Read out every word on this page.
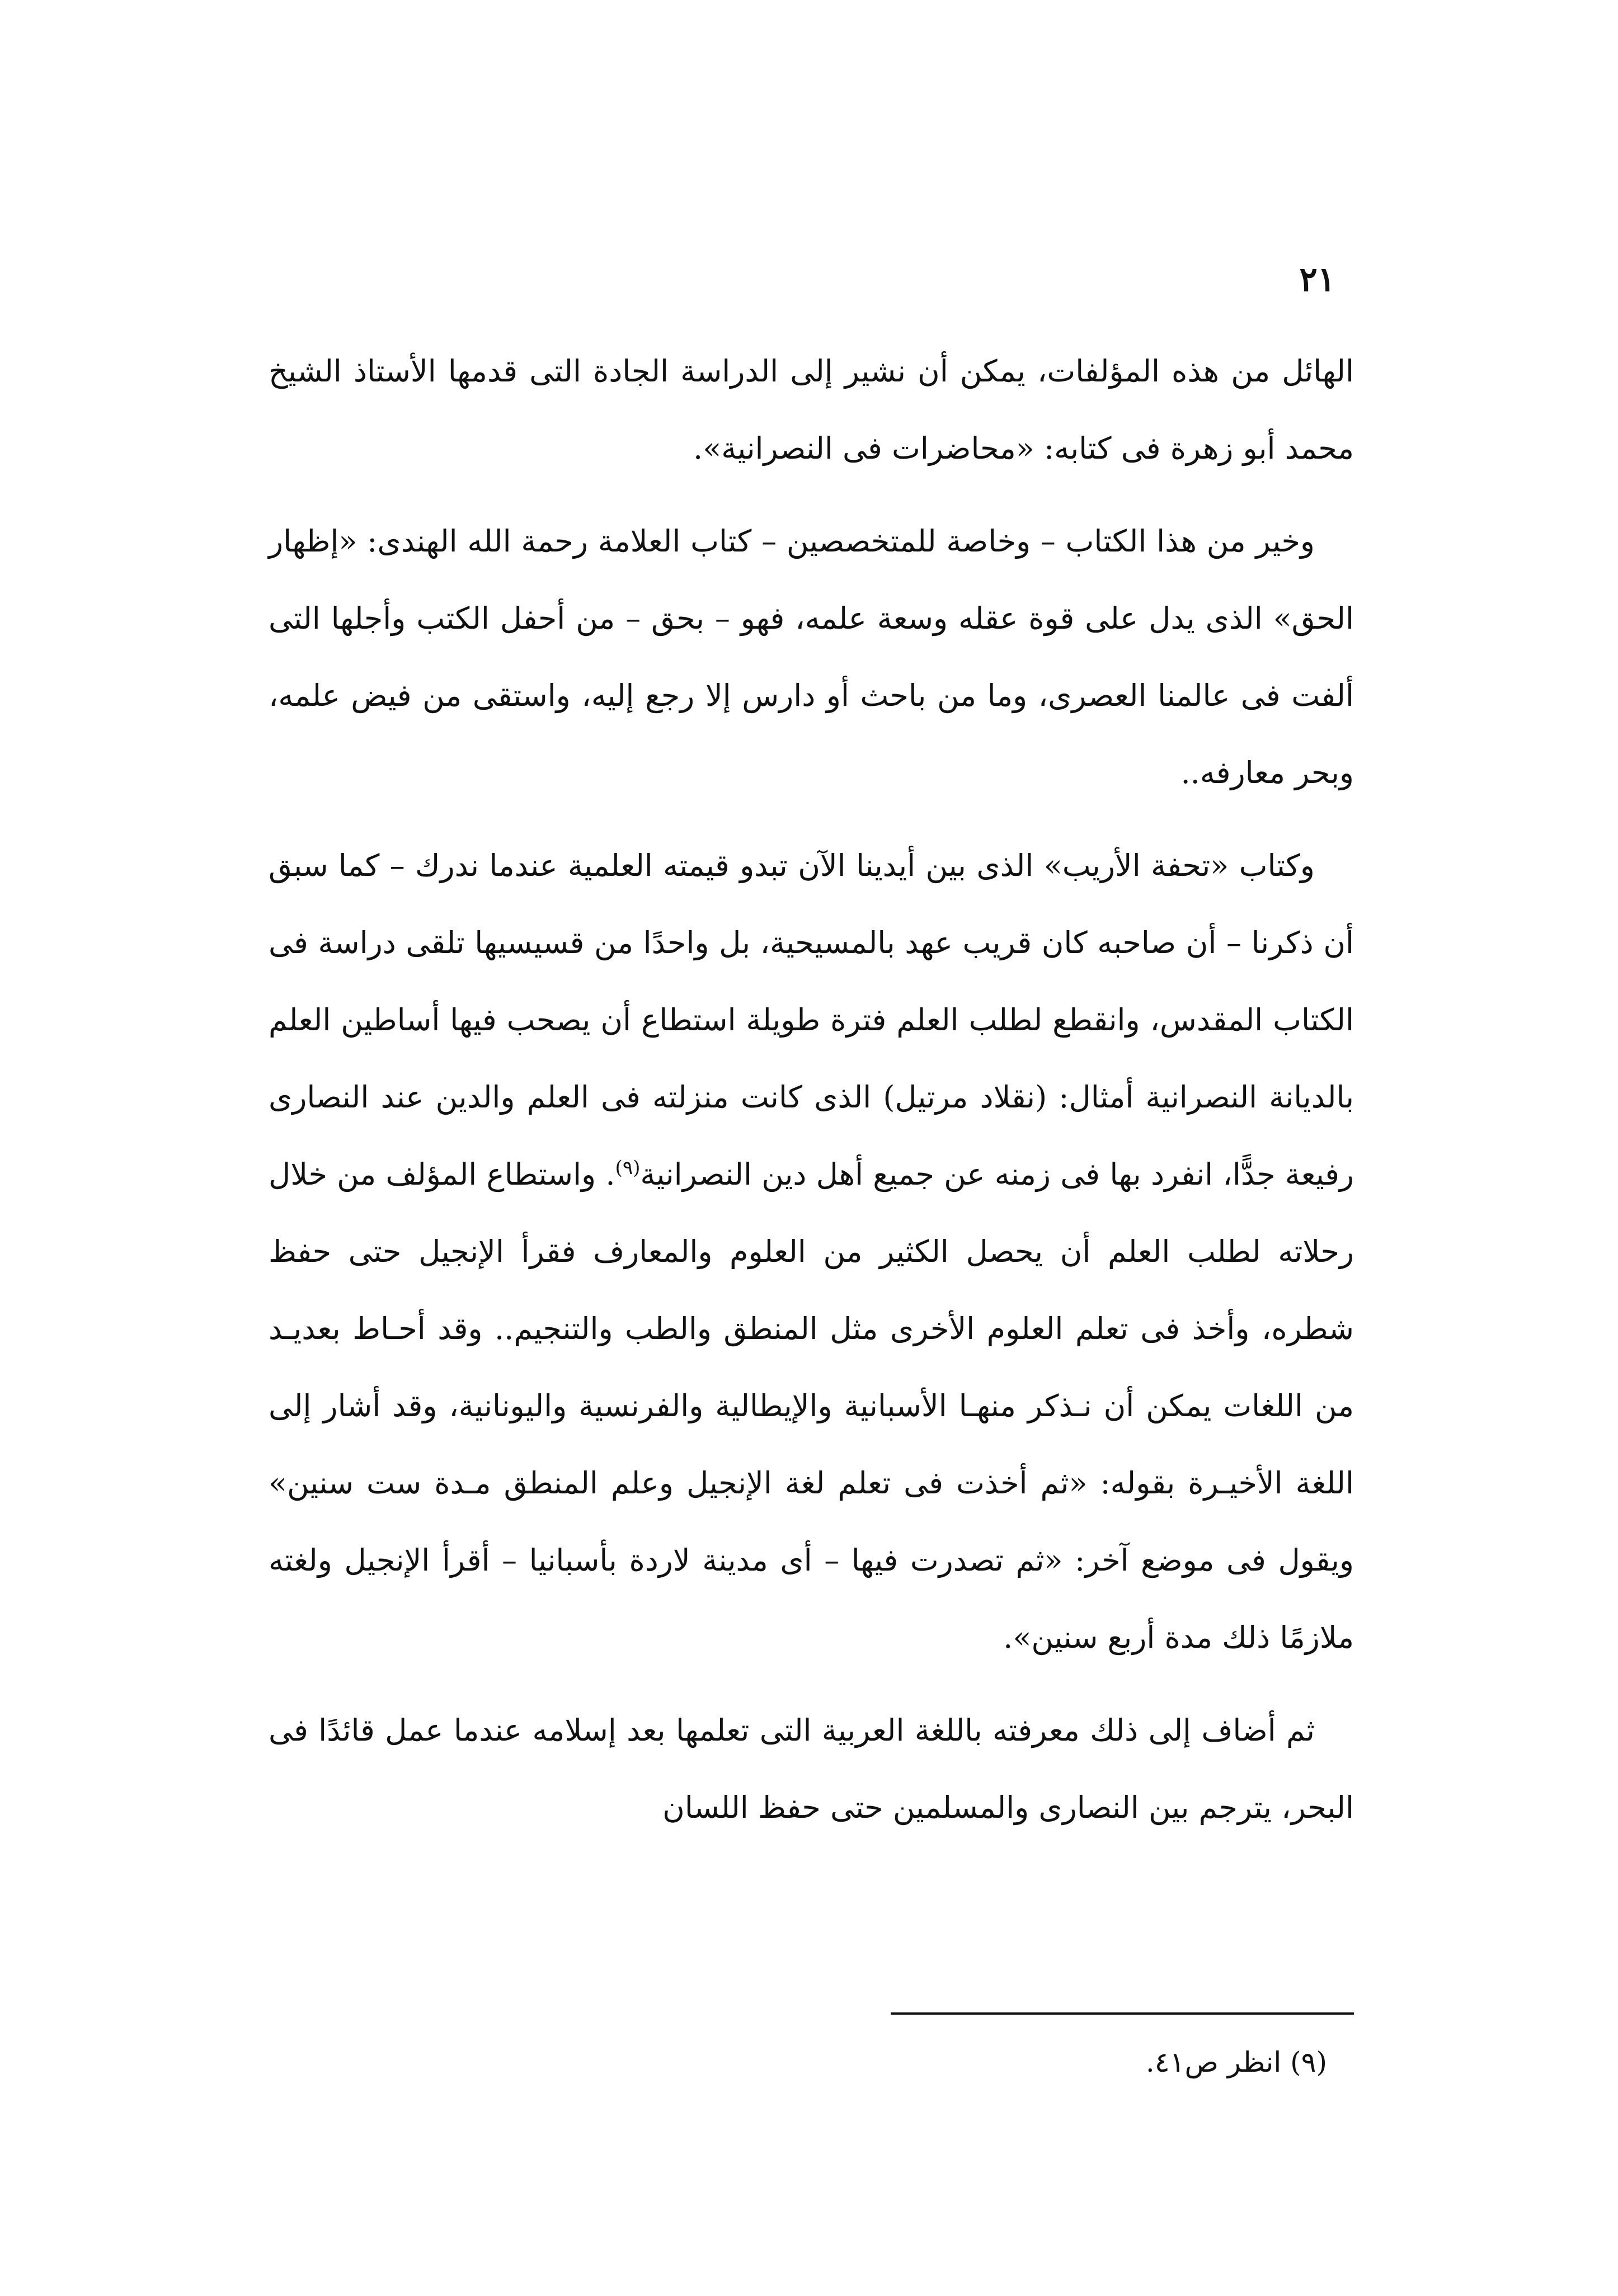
٢١

الهائل من هذه المؤلفات، يمكن أن نشير إلى الدراسة الجادة التى قدمها الأستاذ الشيخ محمد أبو زهرة فى كتابه: «محاضرات فى النصرانية».

وخير من هذا الكتاب – وخاصة للمتخصصين – كتاب العلامة رحمة الله الهندى: «إظهار الحق» الذى يدل على قوة عقله وسعة علمه، فهو – بحق – من أحفل الكتب وأجلها التى ألفت فى عالمنا العصرى، وما من باحث أو دارس إلا رجع إليه، واستقى من فيض علمه، وبحر معارفه..

وكتاب «تحفة الأريب» الذى بين أيدينا الآن تبدو قيمته العلمية عندما ندرك – كما سبق أن ذكرنا – أن صاحبه كان قريب عهد بالمسيحية، بل واحدًا من قسيسيها تلقى دراسة فى الكتاب المقدس، وانقطع لطلب العلم فترة طويلة استطاع أن يصحب فيها أساطين العلم بالديانة النصرانية أمثال: (نقلاد مرتيل) الذى كانت منزلته فى العلم والدين عند النصارى رفيعة جدًّا، انفرد بها فى زمنه عن جميع أهل دين النصرانية$^{(٩)}$. واستطاع المؤلف من خلال رحلاته لطلب العلم أن يحصل الكثير من العلوم والمعارف فقرأ الإنجيل حتى حفظ شطره، وأخذ فى تعلم العلوم الأخرى مثل المنطق والطب والتنجيم.. وقد أحـاط بعديـد من اللغات يمكن أن نـذكر منهـا الأسبانية والإيطالية والفرنسية واليونانية، وقد أشار إلى اللغة الأخيـرة بقوله: «ثم أخذت فى تعلم لغة الإنجيل وعلم المنطق مـدة ست سنين» ويقول فى موضع آخر: «ثم تصدرت فيها – أى مدينة لاردة بأسبانيا – أقرأ الإنجيل ولغته ملازمًا ذلك مدة أربع سنين».

ثم أضاف إلى ذلك معرفته باللغة العربية التى تعلمها بعد إسلامه عندما عمل قائدًا فى البحر، يترجم بين النصارى والمسلمين حتى حفظ اللسان

(٩) انظر ص٤١.
